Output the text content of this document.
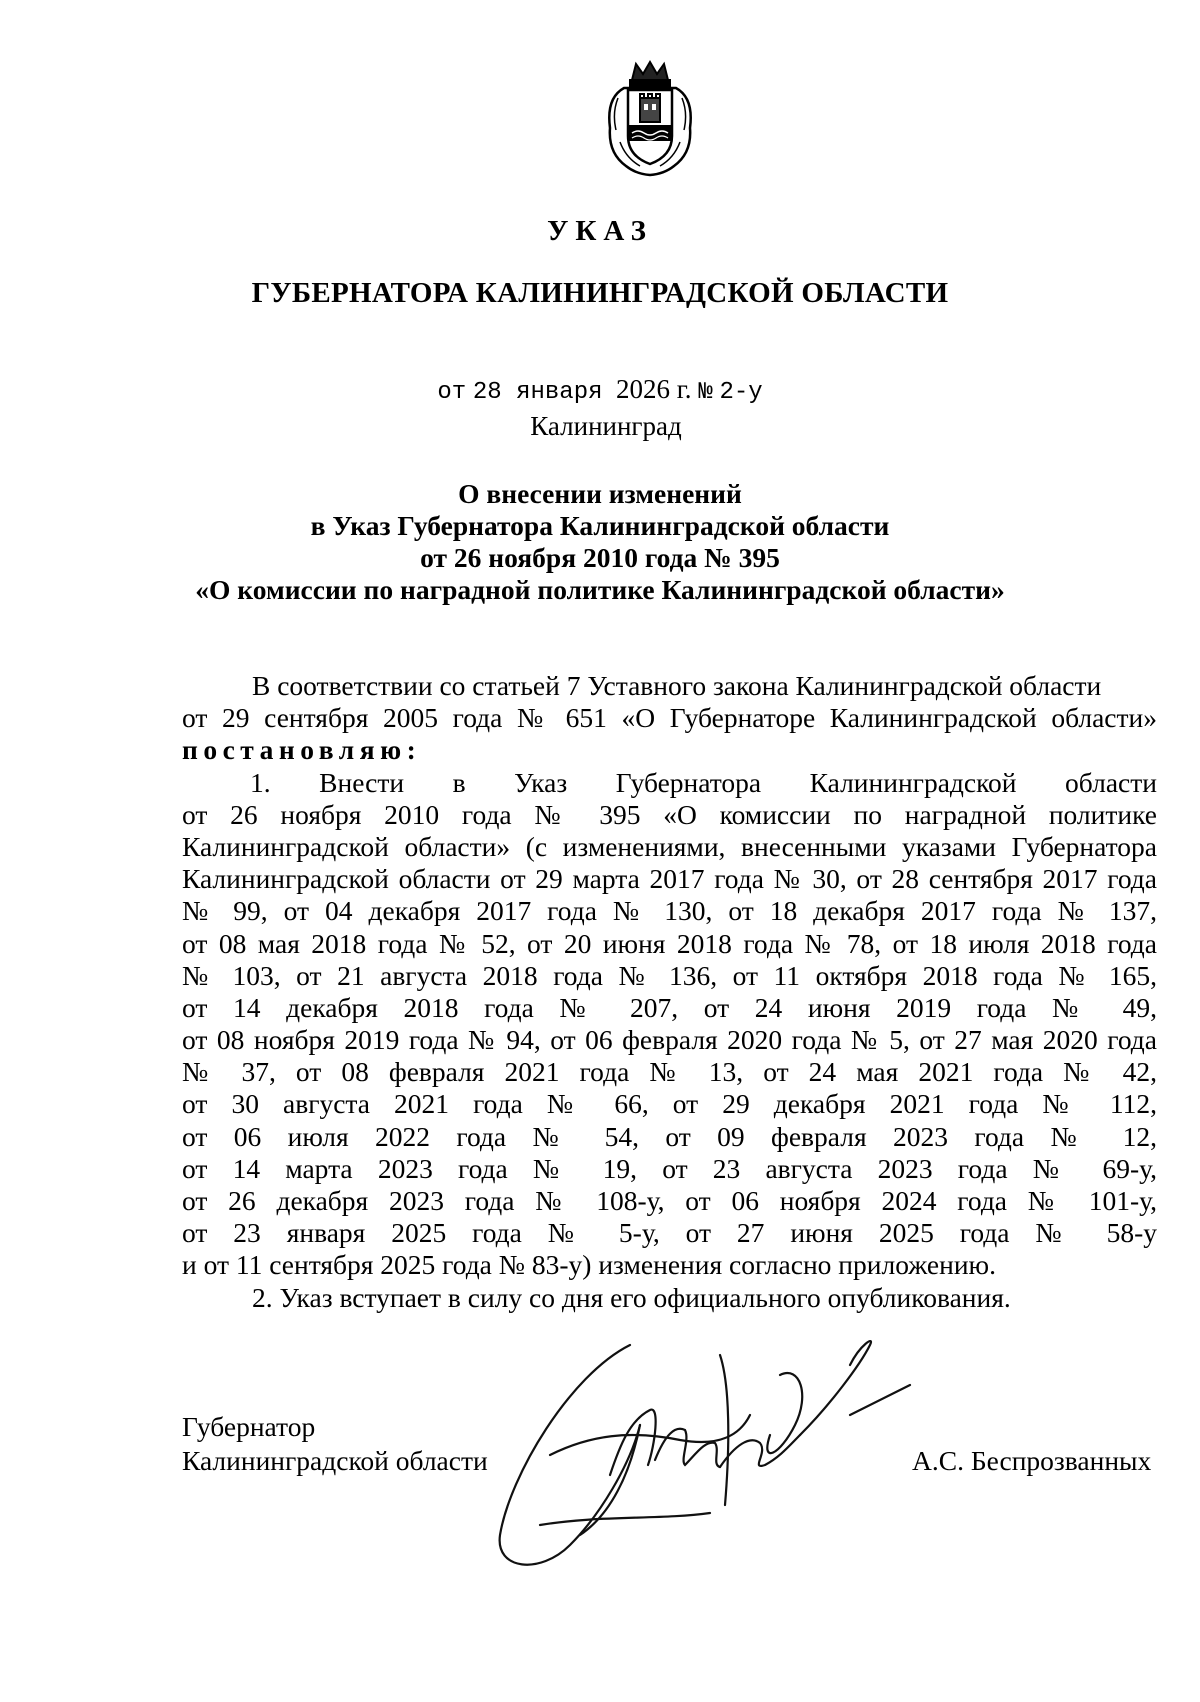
УКАЗ
ГУБЕРНАТОРА КАЛИНИНГРАДСКОЙ ОБЛАСТИ
от 28 января 2026 г. № 2-у
Калининград
О внесении изменений
в Указ Губернатора Калининградской области
от 26 ноября 2010 года № 395
«О комиссии по наградной политике Калининградской области»
В соответствии со статьей 7 Уставного закона Калининградской области
от 29 сентября 2005 года № 651 «О Губернаторе Калининградской области»
постановляю:
1. Внести в Указ Губернатора Калининградской области
от 26 ноября 2010 года № 395 «О комиссии по наградной политике
Калининградской области» (с изменениями, внесенными указами Губернатора
Калининградской области от 29 марта 2017 года № 30, от 28 сентября 2017 года
№ 99, от 04 декабря 2017 года № 130, от 18 декабря 2017 года № 137,
от 08 мая 2018 года № 52, от 20 июня 2018 года № 78, от 18 июля 2018 года
№ 103, от 21 августа 2018 года № 136, от 11 октября 2018 года № 165,
от 14 декабря 2018 года № 207, от 24 июня 2019 года № 49,
от 08 ноября 2019 года № 94, от 06 февраля 2020 года № 5, от 27 мая 2020 года
№ 37, от 08 февраля 2021 года № 13, от 24 мая 2021 года № 42,
от 30 августа 2021 года № 66, от 29 декабря 2021 года № 112,
от 06 июля 2022 года № 54, от 09 февраля 2023 года № 12,
от 14 марта 2023 года № 19, от 23 августа 2023 года № 69-у,
от 26 декабря 2023 года № 108-у, от 06 ноября 2024 года № 101-у,
от 23 января 2025 года № 5-у, от 27 июня 2025 года № 58-у
и от 11 сентября 2025 года № 83-у) изменения согласно приложению.
2. Указ вступает в силу со дня его официального опубликования.
Губернатор
Калининградской области	А.С. Беспрозванных
